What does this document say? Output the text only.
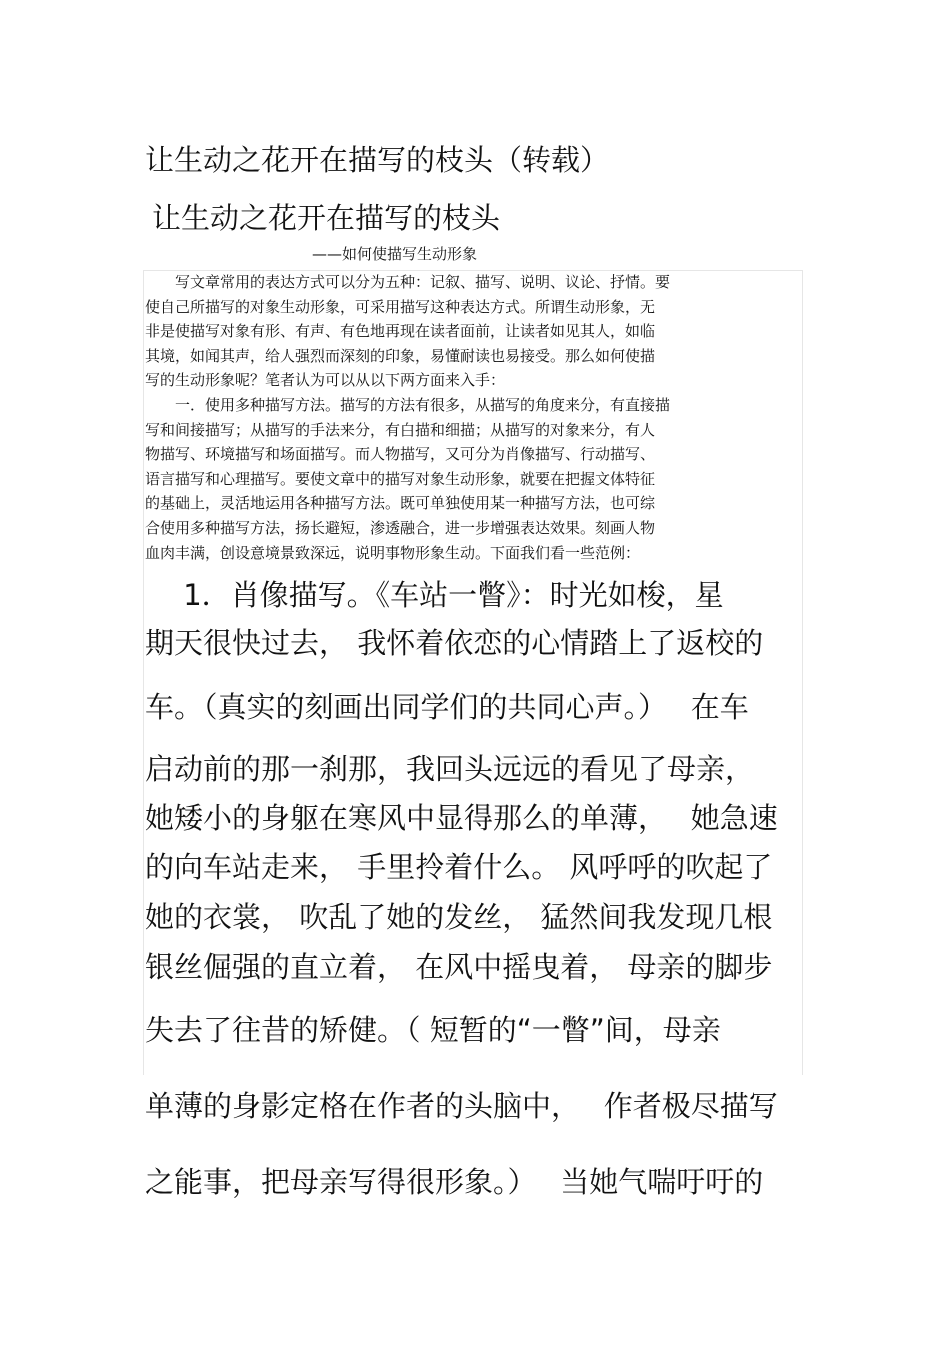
让生动之花开在描写的枝头（转载）
让生动之花开在描写的枝头
——如何使描写生动形象
　　写文章常用的表达方式可以分为五种：记叙、描写、说明、议论、抒情。要
使自己所描写的对象生动形象，可采用描写这种表达方式。所谓生动形象，无
非是使描写对象有形、有声、有色地再现在读者面前，让读者如见其人，如临
其境，如闻其声，给人强烈而深刻的印象，易懂耐读也易接受。那么如何使描
写的生动形象呢？笔者认为可以从以下两方面来入手：
　　一．使用多种描写方法。描写的方法有很多，从描写的角度来分，有直接描
写和间接描写；从描写的手法来分，有白描和细描；从描写的对象来分，有人
物描写、环境描写和场面描写。而人物描写，又可分为肖像描写、行动描写、
语言描写和心理描写。要使文章中的描写对象生动形象，就要在把握文体特征
的基础上，灵活地运用各种描写方法。既可单独使用某一种描写方法，也可综
合使用多种描写方法，扬长避短，渗透融合，进一步增强表达效果。刻画人物
血肉丰满，创设意境景致深远，说明事物形象生动。下面我们看一些范例：
　 1．肖像描写。《车站一瞥》：时光如梭，星
期天很快过去， 我怀着依恋的心情踏上了返校的
车。（真实的刻画出同学们的共同心声。）　 在车
启动前的那一刹那，我回头远远的看见了母亲，
她矮小的身躯在寒风中显得那么的单薄，　 她急速
的向车站走来， 手里拎着什么。 风呼呼的吹起了
她的衣裳， 吹乱了她的发丝， 猛然间我发现几根
银丝倔强的直立着， 在风中摇曳着， 母亲的脚步
失去了往昔的矫健。（ 短暂的“一瞥”间，母亲
单薄的身影定格在作者的头脑中，　 作者极尽描写
之能事，把母亲写得很形象。）　 当她气喘吁吁的
